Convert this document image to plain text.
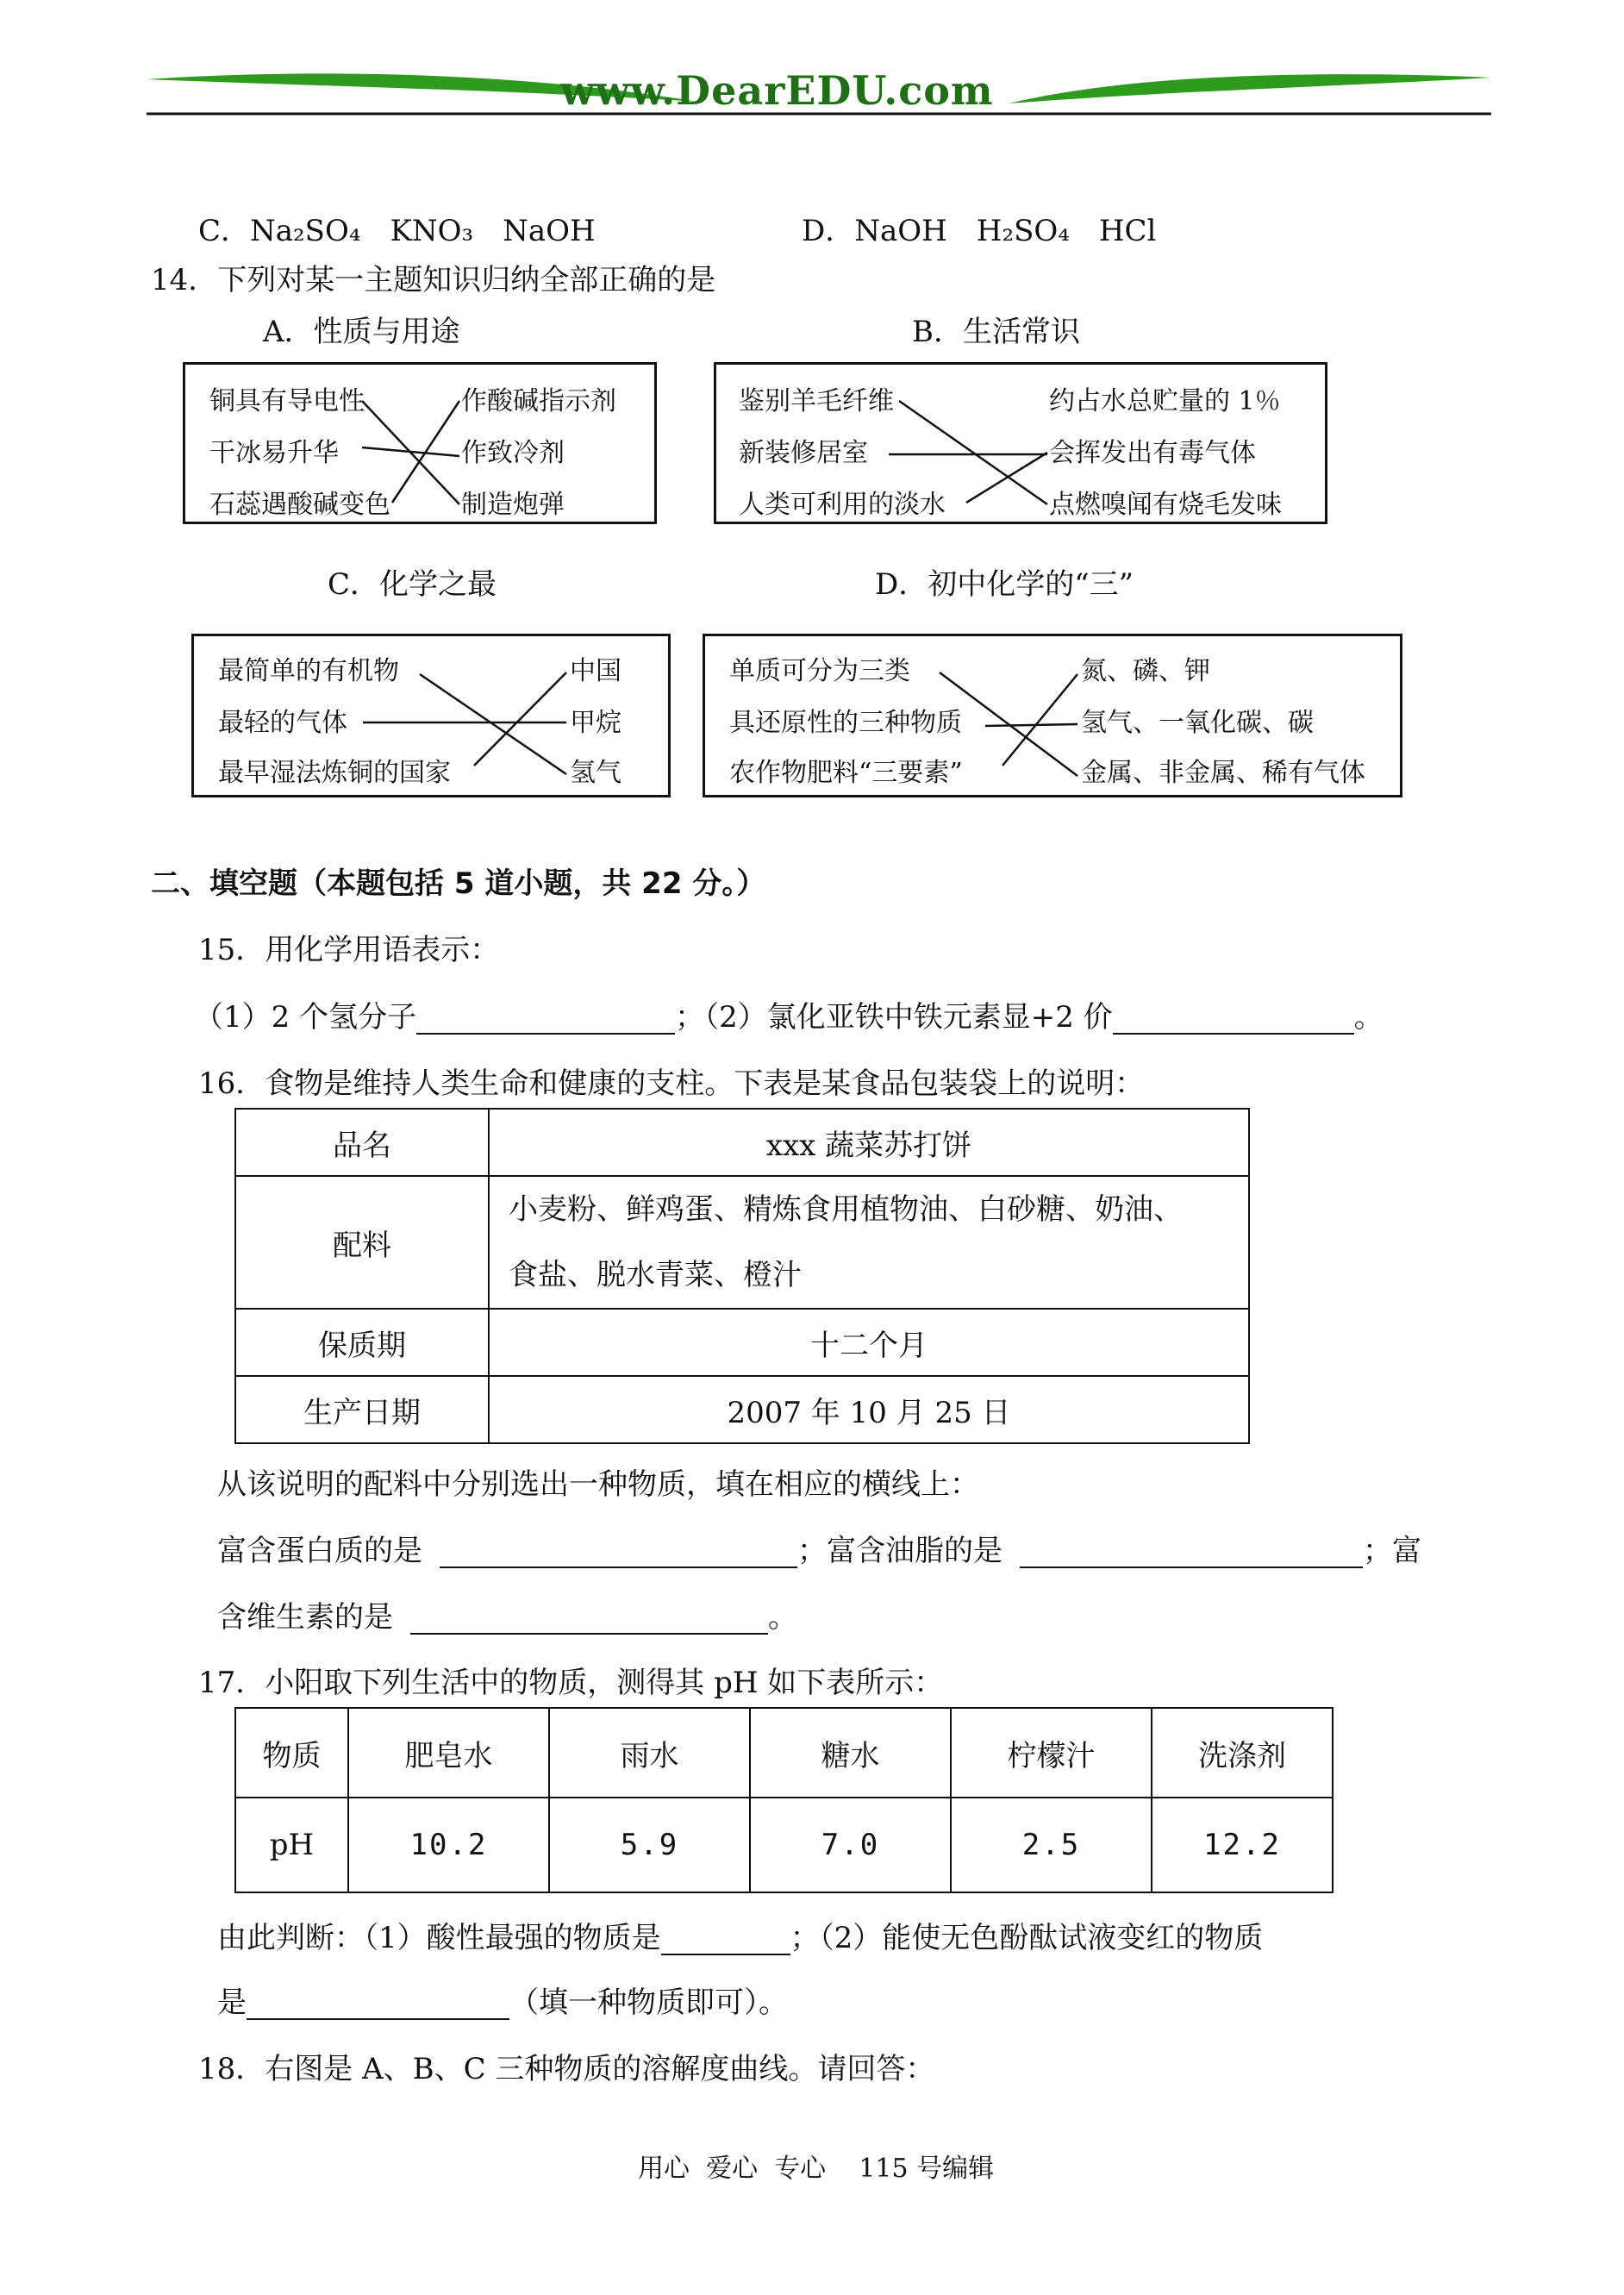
www.DearEDU.com
C．Na₂SO₄　KNO₃　NaOH	D．NaOH　H₂SO₄　HCl
14．下列对某一主题知识归纳全部正确的是
A．性质与用途	B．生活常识
铜具有导电性
干冰易升华
石蕊遇酸碱变色
作酸碱指示剂
作致冷剂
制造炮弹
鉴别羊毛纤维
新装修居室
人类可利用的淡水
约占水总贮量的 1％
会挥发出有毒气体
点燃嗅闻有烧毛发味
C．化学之最	D．初中化学的“三”
最简单的有机物
最轻的气体
最早湿法炼铜的国家
中国
甲烷
氢气
单质可分为三类
具还原性的三种物质
农作物肥料“三要素”
氮、磷、钾
氢气、一氧化碳、碳
金属、非金属、稀有气体
二、填空题（本题包括 5 道小题，共 22 分。）
15．用化学用语表示：
（1）2 个氢分子	；（2）氯化亚铁中铁元素显+2 价	。
16．食物是维持人类生命和健康的支柱。下表是某食品包装袋上的说明：
品名	xxx 蔬菜苏打饼
配料	小麦粉、鲜鸡蛋、精炼食用植物油、白砂糖、奶油、
食盐、脱水青菜、橙汁

保质期	十二个月
生产日期	2007 年 10 月 25 日
从该说明的配料中分别选出一种物质，填在相应的横线上：
富含蛋白质的是	；富含油脂的是	；富
含维生素的是	。
17．小阳取下列生活中的物质，测得其 pH 如下表所示：
物质	肥皂水	雨水	糖水	柠檬汁	洗涤剂
pH	10.2	5.9	7.0	2.5	12.2
由此判断：（1）酸性最强的物质是	；（2）能使无色酚酞试液变红的物质
是	（填一种物质即可）。
18．右图是 A、B、C 三种物质的溶解度曲线。请回答：
用心  爱心  专心    115 号编辑
